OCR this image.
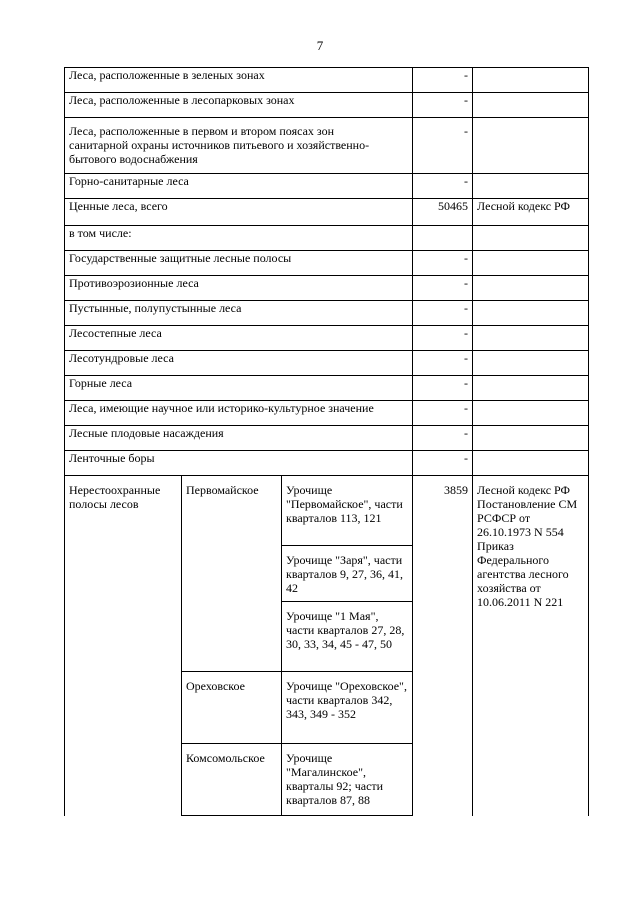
7
Леса, расположенные в зеленых зонах			-	
Леса, расположенные в лесопарковых зонах			-	
Леса, расположенные в первом и втором поясах зон санитарной охраны источников питьевого и хозяйственно-бытового водоснабжения			-	
Горно-санитарные леса			-	
Ценные леса, всего			50465	Лесной кодекс РФ
в том числе:				
Государственные защитные лесные полосы			-	
Противоэрозионные леса			-	
Пустынные, полупустынные леса			-	
Лесостепные леса			-	
Лесотундровые леса			-	
Горные леса			-	
Леса, имеющие научное или историко-культурное значение			-	
Лесные плодовые насаждения			-	
Ленточные боры			-	
Нерестоохранные полосы лесов	Первомайское	Урочище "Первомайское", части кварталов 113, 121	3859	Лесной кодекс РФ Постановление СМ РСФСР от 26.10.1973 N 554 Приказ Федерального агентства лесного хозяйства от 10.06.2011 N 221
		Урочище "Заря", части кварталов 9, 27, 36, 41, 42		
		Урочище "1 Мая", части кварталов 27, 28, 30, 33, 34, 45 - 47, 50		
	Ореховское	Урочище "Ореховское", части кварталов 342, 343, 349 - 352		
	Комсомольское	Урочище "Магалинское", кварталы 92; части кварталов 87, 88		
